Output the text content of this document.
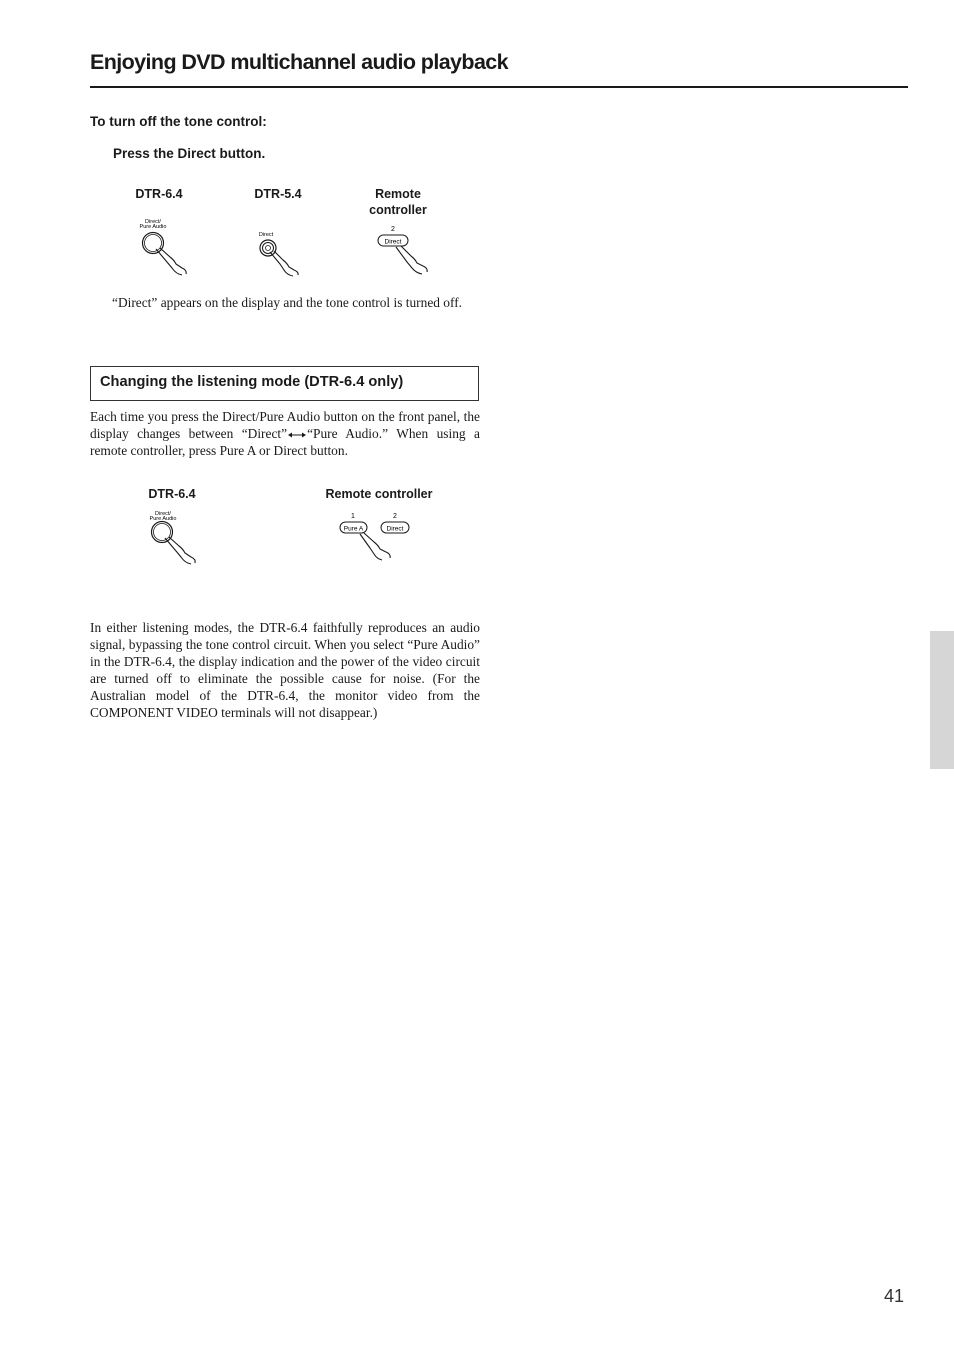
Enjoying DVD multichannel audio playback
To turn off the tone control:
Press the Direct button.
DTR-6.4	DTR-5.4	Remote
controller
Direct/
Pure Audio
Direct
2
Direct

“Direct” appears on the display and the tone control is turned off.

Changing the listening mode (DTR-6.4 only)

Each time you press the Direct/Pure Audio button on the front panel, the display changes between “Direct” “Pure Audio.” When using a remote controller, press Pure A or Direct button.

DTR-6.4	Remote controller
Direct/
Pure Audio	1
Pure A
2
Direct

In either listening modes, the DTR-6.4 faithfully reproduces an audio signal, bypassing the tone control circuit. When you select “Pure Audio” in the DTR-6.4, the display indication and the power of the video circuit are turned off to eliminate the possible cause for noise. (For the Australian model of the DTR-6.4, the monitor video from the COMPONENT VIDEO terminals will not disappear.)

41
